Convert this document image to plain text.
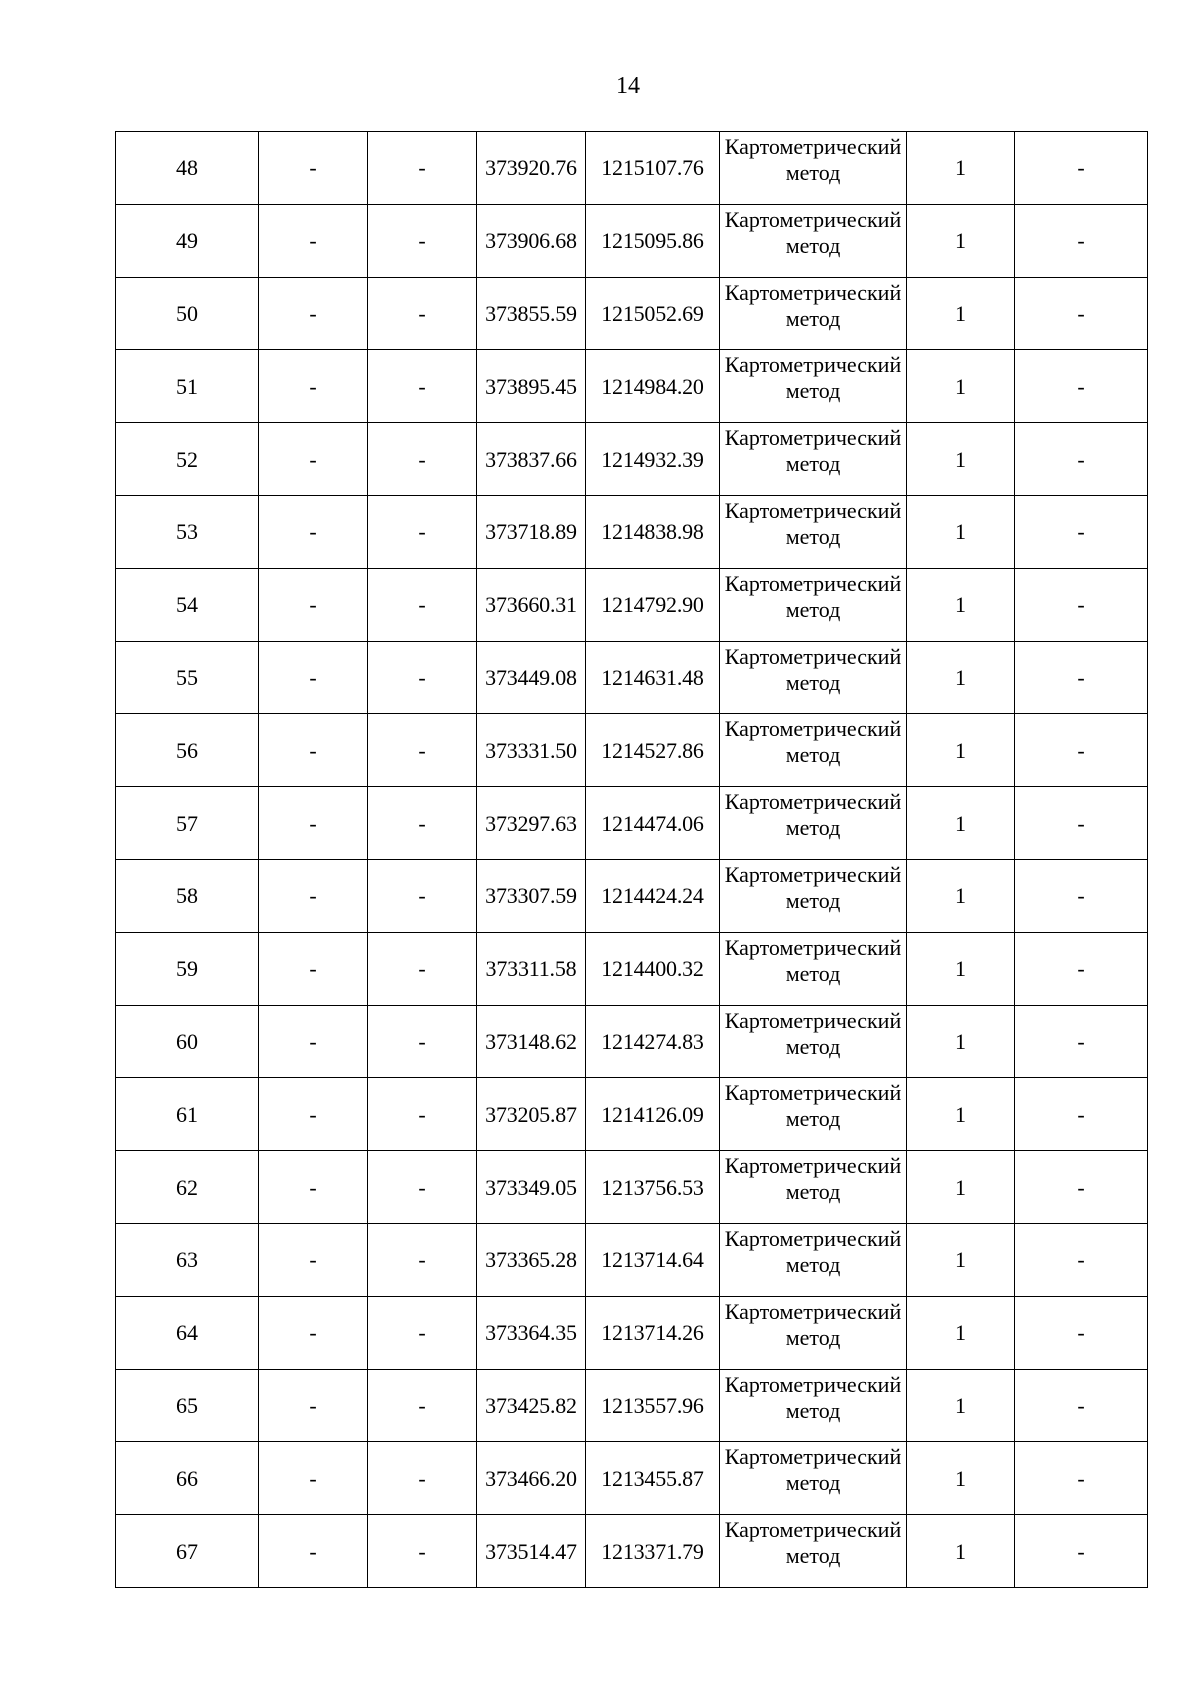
14
48	-	-	373920.76	1215107.76	Картометрический метод	1	-
49	-	-	373906.68	1215095.86	Картометрический метод	1	-
50	-	-	373855.59	1215052.69	Картометрический метод	1	-
51	-	-	373895.45	1214984.20	Картометрический метод	1	-
52	-	-	373837.66	1214932.39	Картометрический метод	1	-
53	-	-	373718.89	1214838.98	Картометрический метод	1	-
54	-	-	373660.31	1214792.90	Картометрический метод	1	-
55	-	-	373449.08	1214631.48	Картометрический метод	1	-
56	-	-	373331.50	1214527.86	Картометрический метод	1	-
57	-	-	373297.63	1214474.06	Картометрический метод	1	-
58	-	-	373307.59	1214424.24	Картометрический метод	1	-
59	-	-	373311.58	1214400.32	Картометрический метод	1	-
60	-	-	373148.62	1214274.83	Картометрический метод	1	-
61	-	-	373205.87	1214126.09	Картометрический метод	1	-
62	-	-	373349.05	1213756.53	Картометрический метод	1	-
63	-	-	373365.28	1213714.64	Картометрический метод	1	-
64	-	-	373364.35	1213714.26	Картометрический метод	1	-
65	-	-	373425.82	1213557.96	Картометрический метод	1	-
66	-	-	373466.20	1213455.87	Картометрический метод	1	-
67	-	-	373514.47	1213371.79	Картометрический метод	1	-
